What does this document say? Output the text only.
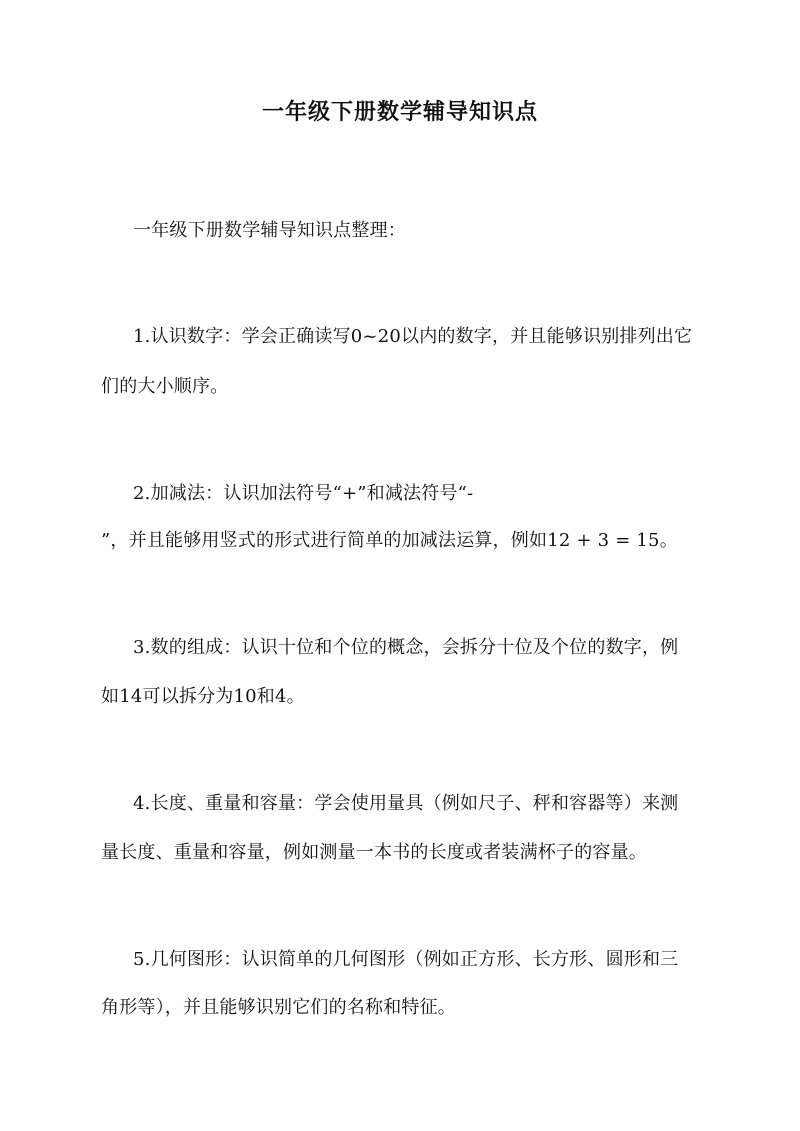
一年级下册数学辅导知识点
一年级下册数学辅导知识点整理：
1.认识数字：学会正确读写0~20以内的数字，并且能够识别排列出它
们的大小顺序。
2.加减法：认识加法符号“+”和减法符号“-
”，并且能够用竖式的形式进行简单的加减法运算，例如12 + 3 = 15。
3.数的组成：认识十位和个位的概念，会拆分十位及个位的数字，例
如14可以拆分为10和4。
4.长度、重量和容量：学会使用量具（例如尺子、秤和容器等）来测
量长度、重量和容量，例如测量一本书的长度或者装满杯子的容量。
5.几何图形：认识简单的几何图形（例如正方形、长方形、圆形和三
角形等），并且能够识别它们的名称和特征。
